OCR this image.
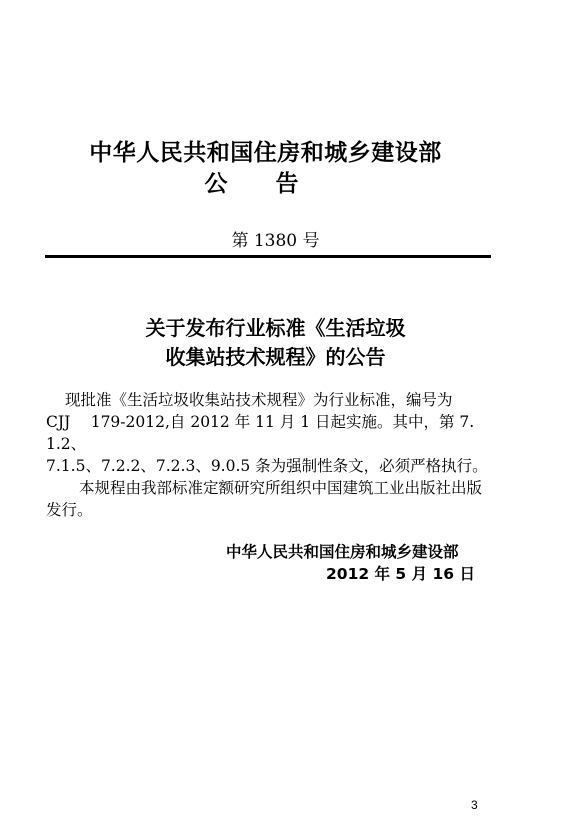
中华人民共和国住房和城乡建设部
公告
第 1380 号
关于发布行业标准《生活垃圾
收集站技术规程》的公告
现批准《生活垃圾收集站技术规程》为行业标准，编号为
CJJ　 179-2012,自 2012 年 11 月 1 日起实施。其中，第 7.
1.2、
7.1.5、7.2.2、7.2.3、9.0.5 条为强制性条文，必须严格执行。
本规程由我部标准定额研究所组织中国建筑工业出版社出版
发行。
中华人民共和国住房和城乡建设部
2012 年 5 月 16 日
3
